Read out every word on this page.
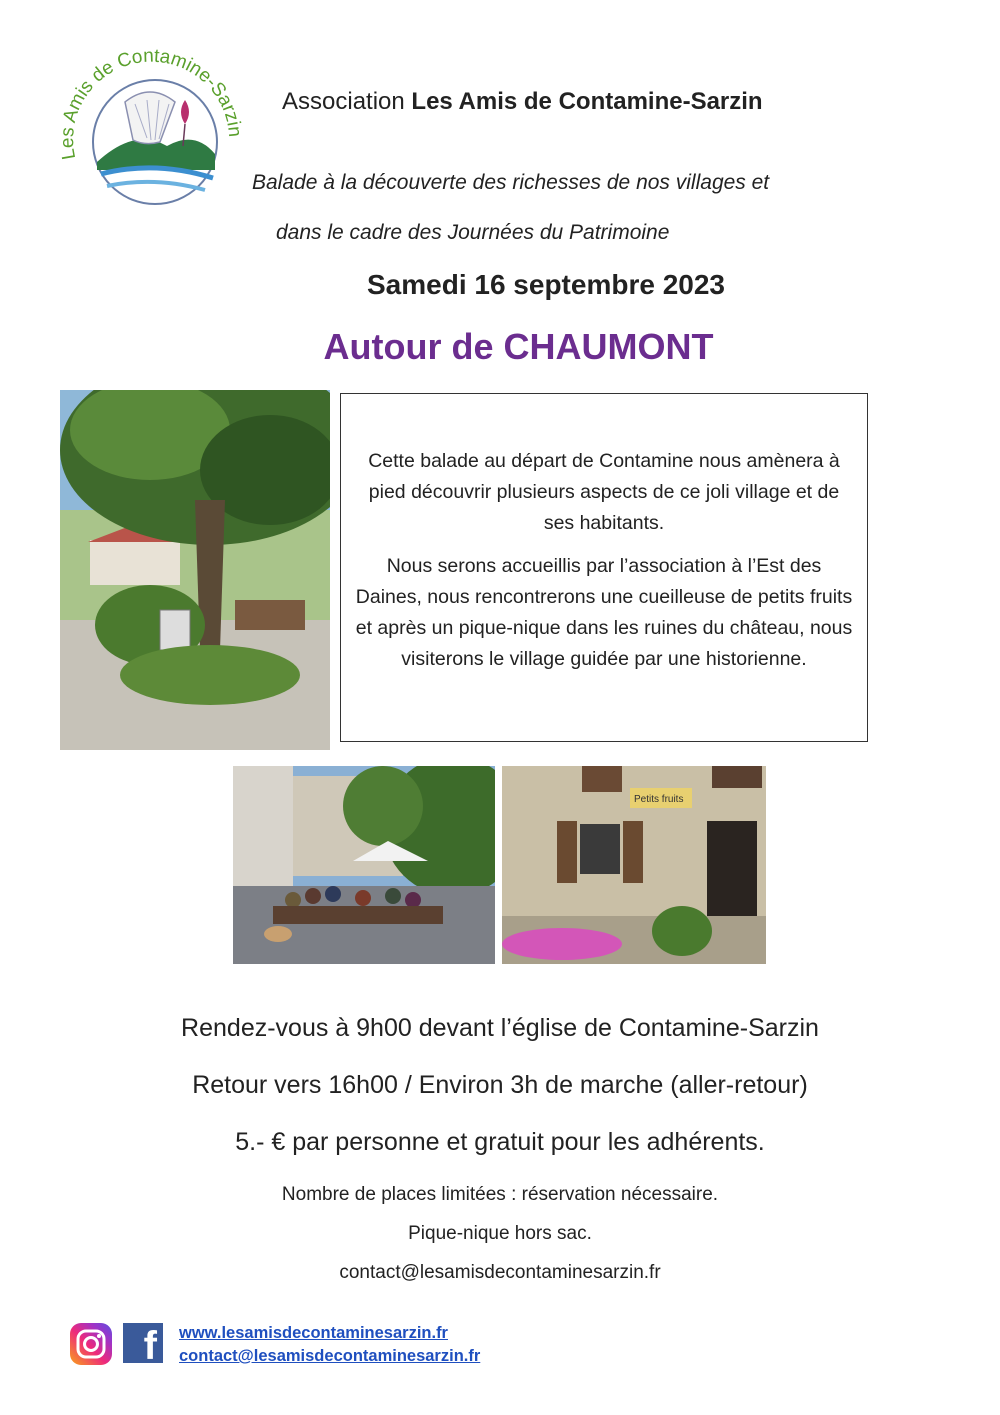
Les Amis de Contamine-Sarzin
Association Les Amis de Contamine-Sarzin
Balade à la découverte des richesses de nos villages et
dans le cadre des Journées du Patrimoine
Samedi 16 septembre 2023
Autour de CHAUMONT

Cette balade au départ de Contamine nous amènera à pied découvrir plusieurs aspects de ce joli village et de ses habitants.

Nous serons accueillis par l’association à l’Est des Daines, nous rencontrerons une cueilleuse de petits fruits et après un pique-nique dans les ruines du château, nous visiterons le village guidée par une historienne.

Petits fruits
Rendez-vous à 9h00 devant l’église de Contamine-Sarzin
Retour vers 16h00 / Environ 3h de marche (aller-retour)
5.- € par personne et gratuit pour les adhérents.
Nombre de places limitées : réservation nécessaire.
Pique-nique hors sac.
contact@lesamisdecontaminesarzin.fr
f www.lesamisdecontaminesarzin.fr
contact@lesamisdecontaminesarzin.fr
